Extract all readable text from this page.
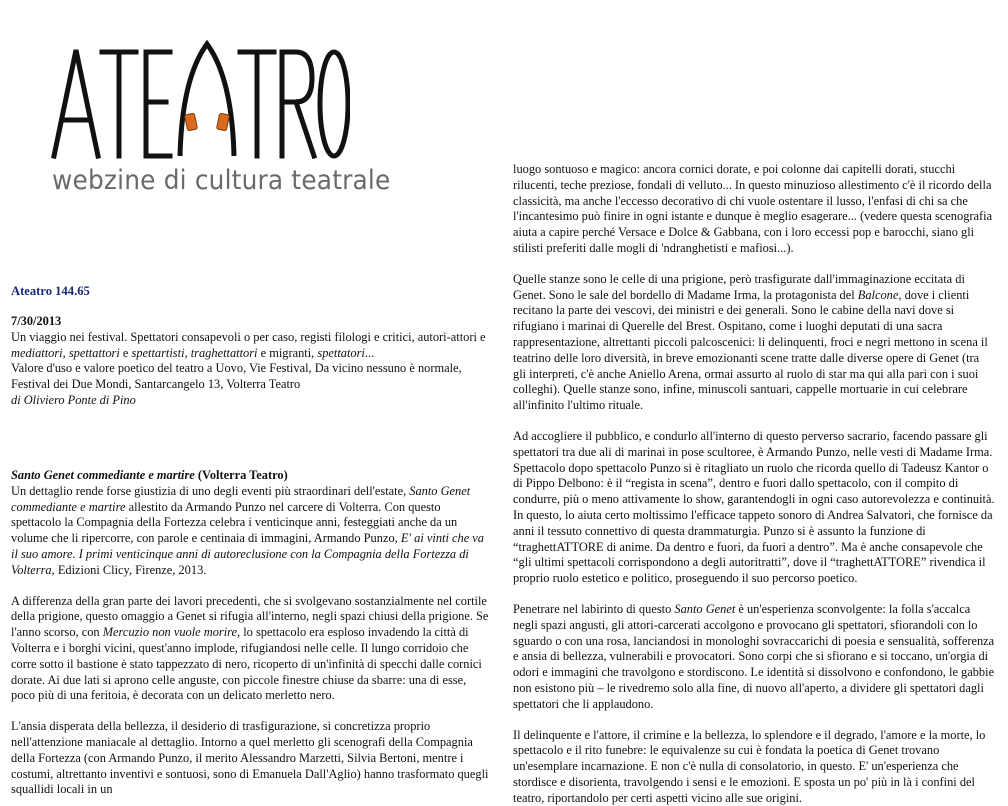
webzine di cultura teatrale
Ateatro 144.65

7/30/2013

Un viaggio nei festival. Spettatori consapevoli o per caso, registi filologi e critici, autori-attori e

mediattori, spettattori e spettartisti, traghettattori e migranti, spettatori...

Valore d'uso e valore poetico del teatro a Uovo, Vie Festival, Da vicino nessuno è normale, Festival dei Due Mondi, Santarcangelo 13, Volterra Teatro

di Oliviero Ponte di Pino

Santo Genet commediante e martire (Volterra Teatro)

Un dettaglio rende forse giustizia di uno degli eventi più straordinari dell'estate, Santo Genet commediante e martire allestito da Armando Punzo nel carcere di Volterra. Con questo spettacolo la Compagnia della Fortezza celebra i venticinque anni, festeggiati anche da un volume che li ripercorre, con parole e centinaia di immagini, Armando Punzo, E' ai vinti che va il suo amore. I primi venticinque anni di autoreclusione con la Compagnia della Fortezza di Volterra, Edizioni Clicy, Firenze, 2013.

A differenza della gran parte dei lavori precedenti, che si svolgevano sostanzialmente nel cortile della prigione, questo omaggio a Genet si rifugia all'interno, negli spazi chiusi della prigione. Se l'anno scorso, con Mercuzio non vuole morire, lo spettacolo era esploso invadendo la città di Volterra e i borghi vicini, quest'anno implode, rifugiandosi nelle celle. Il lungo corridoio che corre sotto il bastione è stato tappezzato di nero, ricoperto di un'infinità di specchi dalle cornici dorate. Ai due lati si aprono celle anguste, con piccole finestre chiuse da sbarre: una di esse, poco più di una feritoia, è decorata con un delicato merletto nero.

L'ansia disperata della bellezza, il desiderio di trasfigurazione, si concretizza proprio nell'attenzione maniacale al dettaglio. Intorno a quel merletto gli scenografi della Compagnia della Fortezza (con Armando Punzo, il merito Alessandro Marzetti, Silvia Bertoni, mentre i costumi, altrettanto inventivi e sontuosi, sono di Emanuela Dall'Aglio) hanno trasformato quegli squallidi locali in un

luogo sontuoso e magico: ancora cornici dorate, e poi colonne dai capitelli dorati, stucchi rilucenti, teche preziose, fondali di velluto... In questo minuzioso allestimento c'è il ricordo della classicità, ma anche l'eccesso decorativo di chi vuole ostentare il lusso, l'enfasi di chi sa che l'incantesimo può finire in ogni istante e dunque è meglio esagerare... (vedere questa scenografia aiuta a capire perché Versace e Dolce & Gabbana, con i loro eccessi pop e barocchi, siano gli stilisti preferiti dalle mogli di 'ndranghetisti e mafiosi...).

Quelle stanze sono le celle di una prigione, però trasfigurate dall'immaginazione eccitata di Genet. Sono le sale del bordello di Madame Irma, la protagonista del Balcone, dove i clienti recitano la parte dei vescovi, dei ministri e dei generali. Sono le cabine della navi dove si rifugiano i marinai di Querelle del Brest. Ospitano, come i luoghi deputati di una sacra rappresentazione, altrettanti piccoli palcoscenici: li delinquenti, froci e negri mettono in scena il teatrino delle loro diversità, in breve emozionanti scene tratte dalle diverse opere di Genet (tra gli interpreti, c'è anche Aniello Arena, ormai assurto al ruolo di star ma qui alla pari con i suoi colleghi). Quelle stanze sono, infine, minuscoli santuari, cappelle mortuarie in cui celebrare all'infinito l'ultimo rituale.

Ad accogliere il pubblico, e condurlo all'interno di questo perverso sacrario, facendo passare gli spettatori tra due ali di marinai in pose scultoree, è Armando Punzo, nelle vesti di Madame Irma. Spettacolo dopo spettacolo Punzo si è ritagliato un ruolo che ricorda quello di Tadeusz Kantor o di Pippo Delbono: è il “regista in scena”, dentro e fuori dallo spettacolo, con il compito di condurre, più o meno attivamente lo show, garantendogli in ogni caso autorevolezza e continuità. In questo, lo aiuta certo moltissimo l'efficace tappeto sonoro di Andrea Salvatori, che fornisce da anni il tessuto connettivo di questa drammaturgia. Punzo si è assunto la funzione di “traghettATTORE di anime. Da dentro e fuori, da fuori a dentro”. Ma è anche consapevole che “gli ultimi spettacoli corrispondono a degli autoritratti”, dove il “traghettATTORE” rivendica il proprio ruolo estetico e politico, proseguendo il suo percorso poetico.

Penetrare nel labirinto di questo Santo Genet è un'esperienza sconvolgente: la folla s'accalca negli spazi angusti, gli attori-carcerati accolgono e provocano gli spettatori, sfiorandoli con lo sguardo o con una rosa, lanciandosi in monologhi sovraccarichi di poesia e sensualità, sofferenza e ansia di bellezza, vulnerabili e provocatori. Sono corpi che si sfiorano e si toccano, un'orgia di odori e immagini che travolgono e stordiscono. Le identità si dissolvono e confondono, le gabbie non esistono più – le rivedremo solo alla fine, di nuovo all'aperto, a dividere gli spettatori dagli spettatori che li applaudono.

Il delinquente e l'attore, il crimine e la bellezza, lo splendore e il degrado, l'amore e la morte, lo spettacolo e il rito funebre: le equivalenze su cui è fondata la poetica di Genet trovano un'esemplare incarnazione. E non c'è nulla di consolatorio, in questo. E' un'esperienza che stordisce e disorienta, travolgendo i sensi e le emozioni. E sposta un po' più in là i confini del teatro, riportandolo per certi aspetti vicino alle sue origini.
